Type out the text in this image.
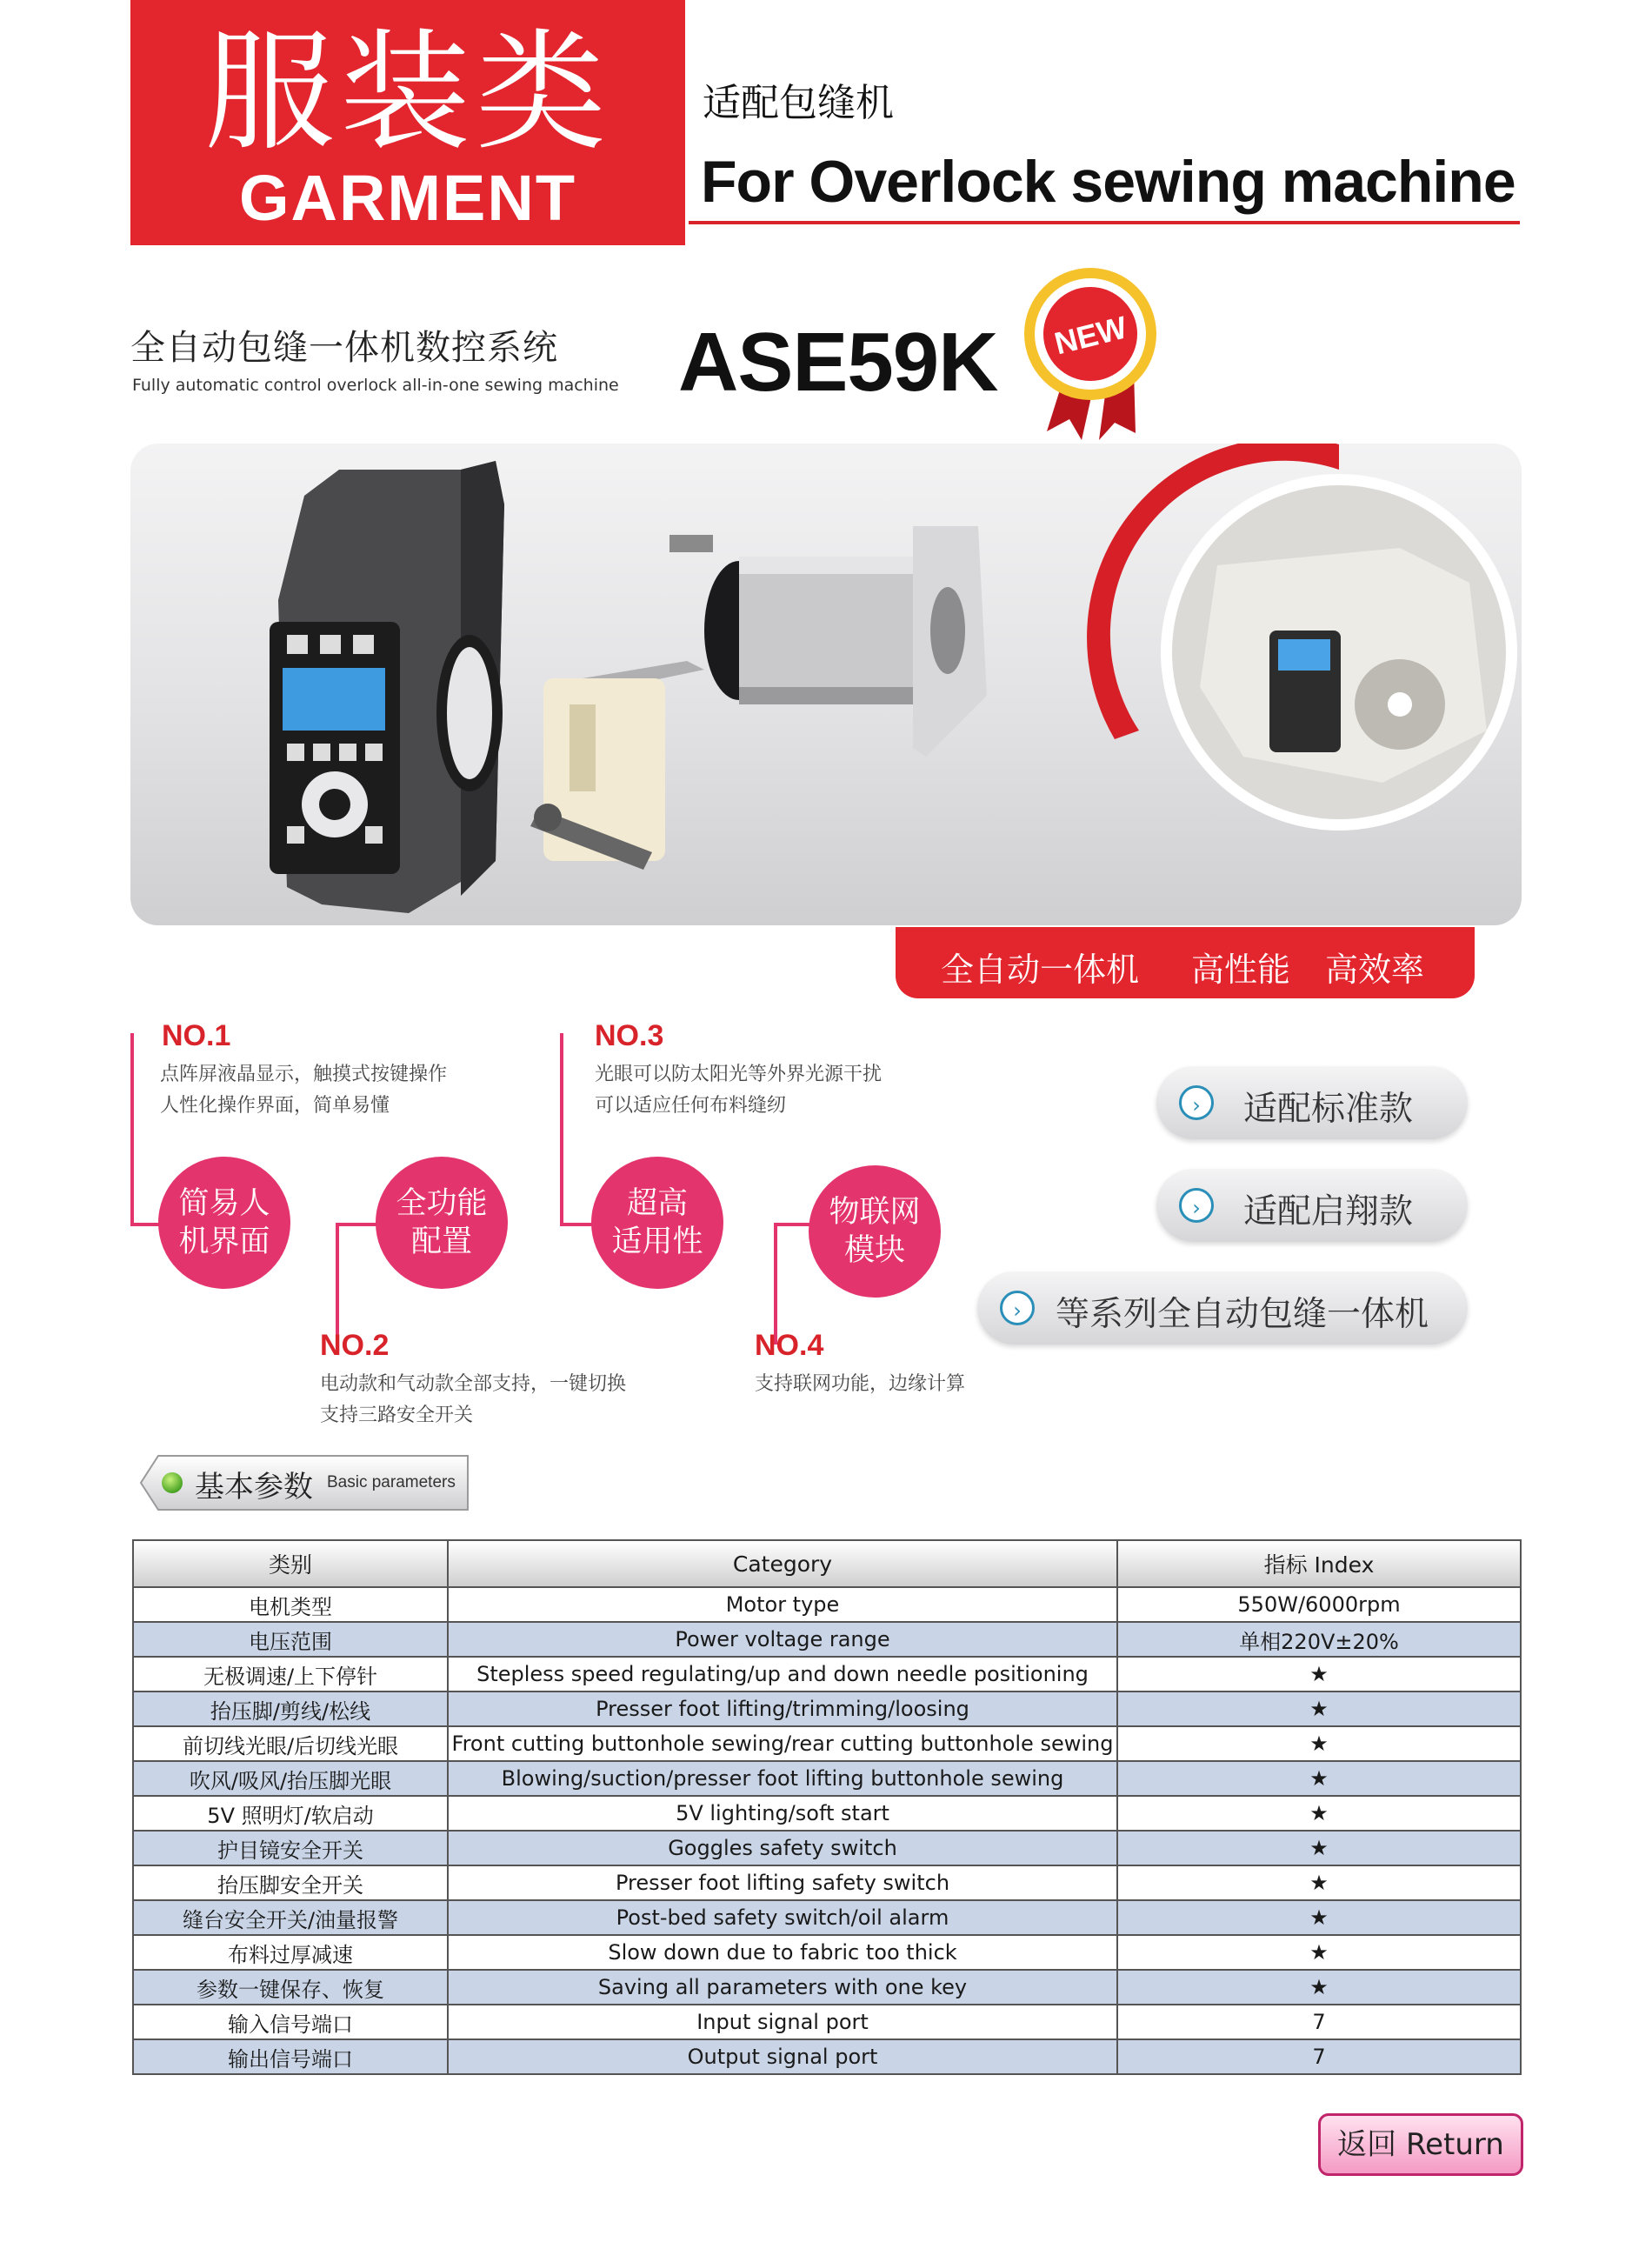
服装类
GARMENT
适配包缝机
For Overlock sewing machine
全自动包缝一体机数控系统
Fully automatic control overlock all-in-one sewing machine ASE59K NEW
全自动一体机 高性能 高效率
NO.1
点阵屏液晶显示，触摸式按键操作
人性化操作界面，简单易懂
简易人
机界面
全功能
配置
NO.2
电动款和气动款全部支持，一键切换
支持三路安全开关
NO.3
光眼可以防太阳光等外界光源干扰
可以适应任何布料缝纫
超高
适用性
物联网
模块
NO.4
支持联网功能，边缘计算
›	适配标准款
›	适配启翔款
›	等系列全自动包缝一体机
基本参数 Basic parameters
类别	Category	指标 Index
电机类型	Motor type	550W/6000rpm
电压范围	Power voltage range	单相220V±20%
无极调速/上下停针	Stepless speed regulating/up and down needle positioning	★
抬压脚/剪线/松线	Presser foot lifting/trimming/loosing	★
前切线光眼/后切线光眼	Front cutting buttonhole sewing/rear cutting buttonhole sewing	★
吹风/吸风/抬压脚光眼	Blowing/suction/presser foot lifting buttonhole sewing	★
5V 照明灯/软启动	5V lighting/soft start	★
护目镜安全开关	Goggles safety switch	★
抬压脚安全开关	Presser foot lifting safety switch	★
缝台安全开关/油量报警	Post-bed safety switch/oil alarm	★
布料过厚减速	Slow down due to fabric too thick	★
参数一键保存、恢复	Saving all parameters with one key	★
输入信号端口	Input signal port	7
输出信号端口	Output signal port	7
返回 Return
